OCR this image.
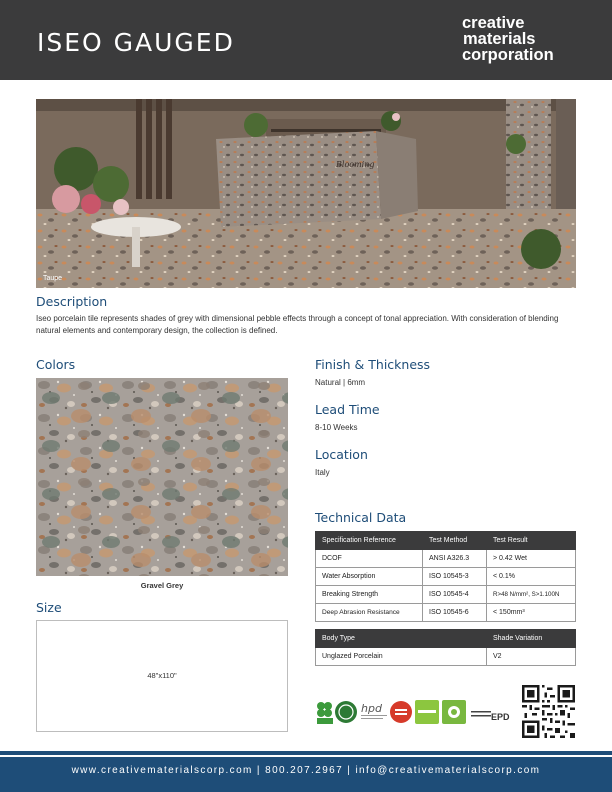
ISEO GAUGED
creative
materials
corporation
Blooming
Taupe
Description
Iseo porcelain tile represents shades of grey with dimensional pebble effects through a concept of tonal appreciation. With consideration of blending natural elements and contemporary design, the collection is defined.
Colors
Gravel Grey
Size
48"x110"
Finish & Thickness
Natural | 6mm
Lead Time
8-10 Weeks
Location
Italy
Technical Data
Specification Reference	Test Method	Test Result
DCOF	ANSI A326.3	> 0.42 Wet
Water Absorption	ISO 10545-3	< 0.1%
Breaking Strength	ISO 10545-4	R>48 N/mm², S>1.100N
Deep Abrasion Resistance	ISO 10545-6	< 150mm³
Body Type	Shade Variation
Unglazed Porcelain	V2
hpd
EPD
www.creativematerialscorp.com | 800.207.2967 | info@creativematerialscorp.com
